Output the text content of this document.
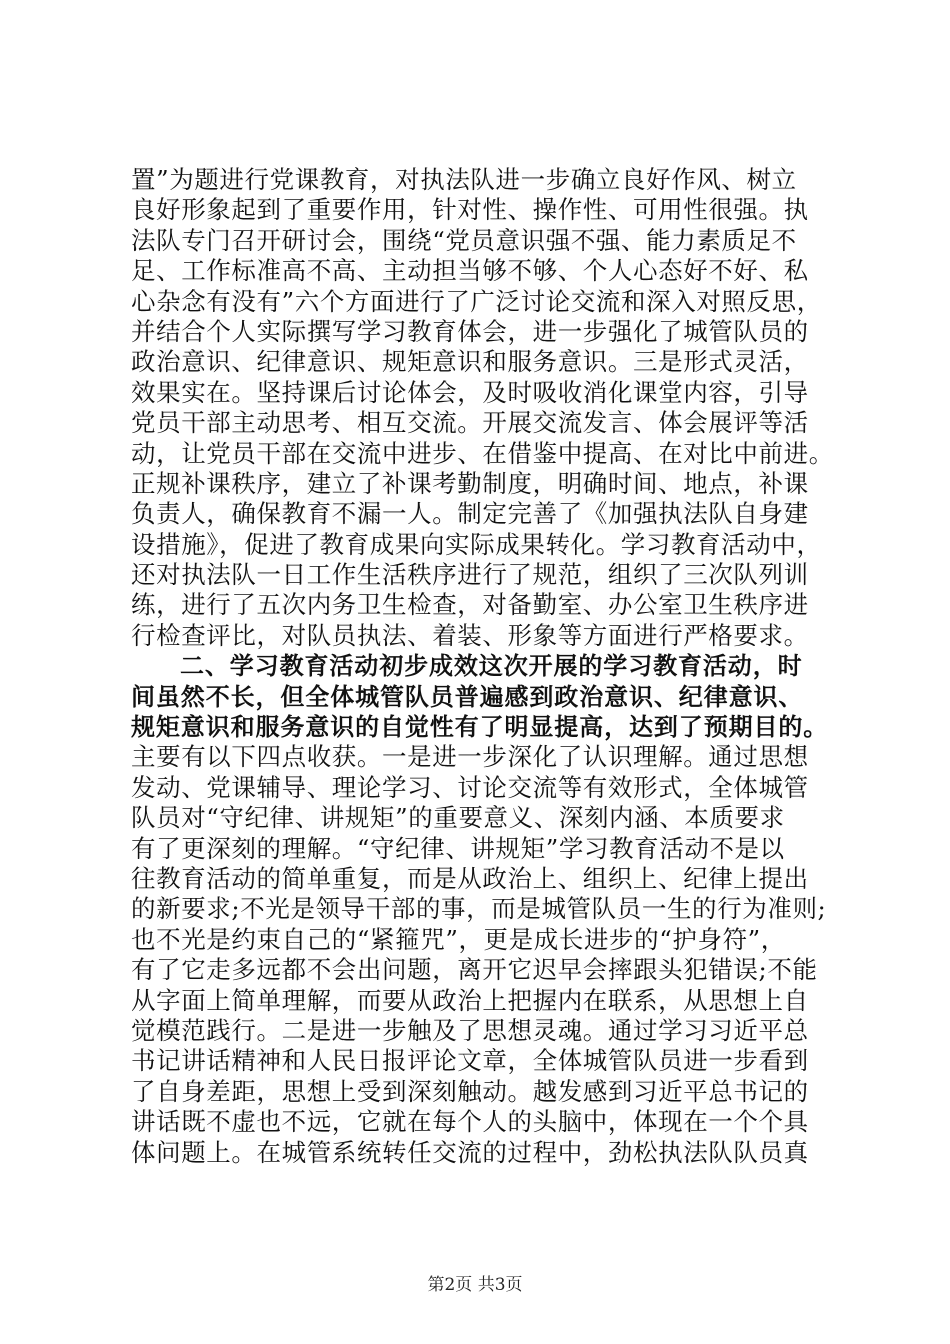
置”为题进行党课教育，对执法队进一步确立良好作风、树立
良好形象起到了重要作用，针对性、操作性、可用性很强。执
法队专门召开研讨会，围绕“党员意识强不强、能力素质足不
足、工作标准高不高、主动担当够不够、个人心态好不好、私
心杂念有没有”六个方面进行了广泛讨论交流和深入对照反思，
并结合个人实际撰写学习教育体会，进一步强化了城管队员的
政治意识、纪律意识、规矩意识和服务意识。三是形式灵活，
效果实在。坚持课后讨论体会，及时吸收消化课堂内容，引导
党员干部主动思考、相互交流。开展交流发言、体会展评等活
动，让党员干部在交流中进步、在借鉴中提高、在对比中前进。
正规补课秩序，建立了补课考勤制度，明确时间、地点，补课
负责人，确保教育不漏一人。制定完善了《加强执法队自身建
设措施》，促进了教育成果向实际成果转化。学习教育活动中，
还对执法队一日工作生活秩序进行了规范，组织了三次队列训
练，进行了五次内务卫生检查，对备勤室、办公室卫生秩序进
行检查评比，对队员执法、着装、形象等方面进行严格要求。
二、学习教育活动初步成效这次开展的学习教育活动，时
间虽然不长，但全体城管队员普遍感到政治意识、纪律意识、
规矩意识和服务意识的自觉性有了明显提高，达到了预期目的。
主要有以下四点收获。一是进一步深化了认识理解。通过思想
发动、党课辅导、理论学习、讨论交流等有效形式，全体城管
队员对“守纪律、讲规矩”的重要意义、深刻内涵、本质要求
有了更深刻的理解。“守纪律、讲规矩”学习教育活动不是以
往教育活动的简单重复，而是从政治上、组织上、纪律上提出
的新要求;不光是领导干部的事，而是城管队员一生的行为准则;
也不光是约束自己的“紧箍咒”，更是成长进步的“护身符”，
有了它走多远都不会出问题，离开它迟早会摔跟头犯错误;不能
从字面上简单理解，而要从政治上把握内在联系，从思想上自
觉模范践行。二是进一步触及了思想灵魂。通过学习习近平总
书记讲话精神和人民日报评论文章，全体城管队员进一步看到
了自身差距，思想上受到深刻触动。越发感到习近平总书记的
讲话既不虚也不远，它就在每个人的头脑中，体现在一个个具
体问题上。在城管系统转任交流的过程中，劲松执法队队员真
第2页 共3页
